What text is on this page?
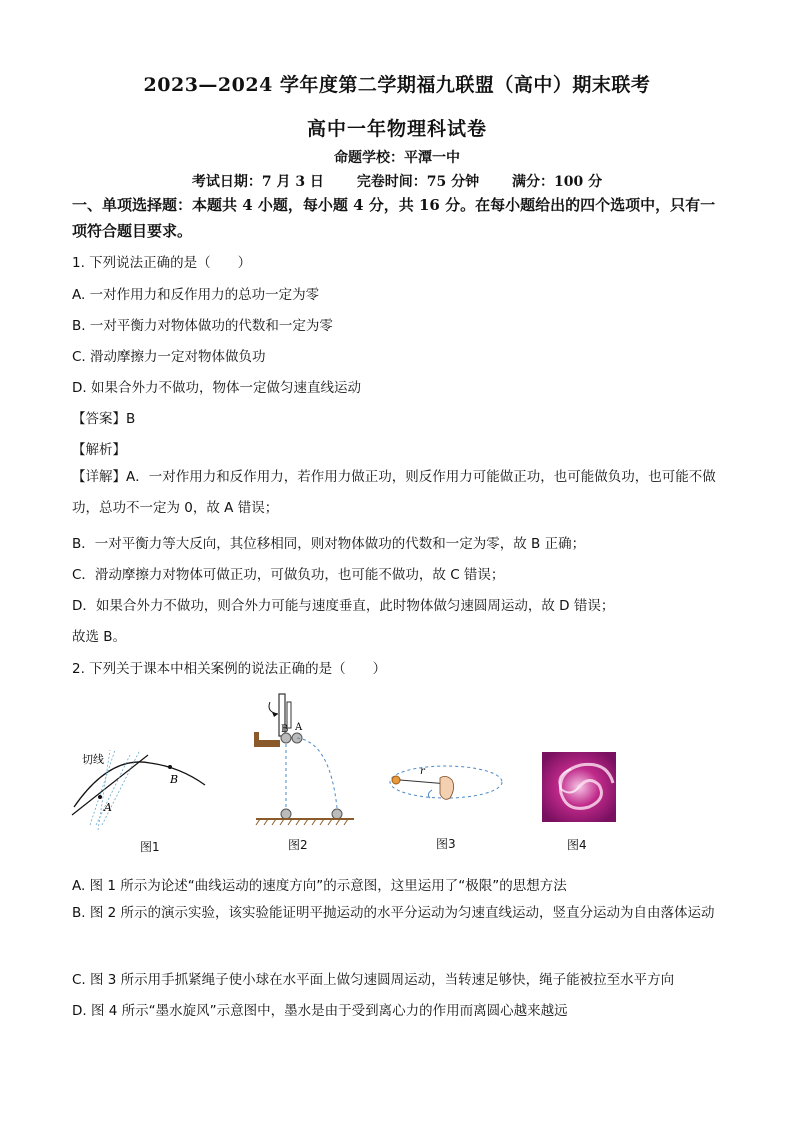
2023—2024 学年度第二学期福九联盟（高中）期末联考
高中一年物理科试卷
命题学校：平潭一中
考试日期：7 月 3 日 完卷时间：75 分钟 满分：100 分
一、单项选择题：本题共 4 小题，每小题 4 分，共 16 分。在每小题给出的四个选项中，只有一项符合题目要求。
1. 下列说法正确的是（　　）
A. 一对作用力和反作用力的总功一定为零
B. 一对平衡力对物体做功的代数和一定为零
C. 滑动摩擦力一定对物体做负功
D. 如果合外力不做功，物体一定做匀速直线运动
【答案】B
【解析】
【详解】A．一对作用力和反作用力，若作用力做正功，则反作用力可能做正功，也可能做负功，也可能不做功，总功不一定为 0，故 A 错误；
B．一对平衡力等大反向，其位移相同，则对物体做功的代数和一定为零，故 B 正确；
C．滑动摩擦力对物体可做正功，可做负功，也可能不做功，故 C 错误；
D．如果合外力不做功，则合外力可能与速度垂直，此时物体做匀速圆周运动，故 D 错误；
故选 B。
2. 下列关于课本中相关案例的说法正确的是（　　）
切线
A
B
图1
B A
图2
r
图3	图4
A. 图 1 所示为论述“曲线运动的速度方向”的示意图，这里运用了“极限”的思想方法
B. 图 2 所示的演示实验，该实验能证明平抛运动的水平分运动为匀速直线运动，竖直分运动为自由落体运动
C. 图 3 所示用手抓紧绳子使小球在水平面上做匀速圆周运动，当转速足够快，绳子能被拉至水平方向
D. 图 4 所示“墨水旋风”示意图中，墨水是由于受到离心力的作用而离圆心越来越远
